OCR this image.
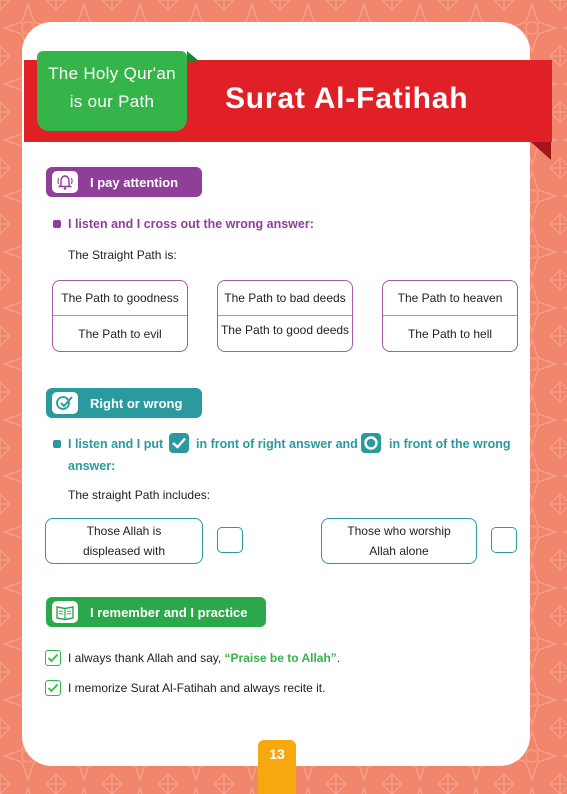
The Holy Qur'an
is our Path	Surat Al-Fatihah
I pay attention
I listen and I cross out the wrong answer:
The Straight Path is:
The Path to goodness
The Path to evil
The Path to bad deeds
The Path to good deeds
The Path to heaven
The Path to hell
Right or wrong
I listen and I put	in front of right answer and in front of the wrong
answer:
The straight Path includes:
Those Allah is
displeased with
Those who worship
Allah alone
I remember and I practice
I always thank Allah and say, “Praise be to Allah”.
I memorize Surat Al-Fatihah and always recite it.
13
